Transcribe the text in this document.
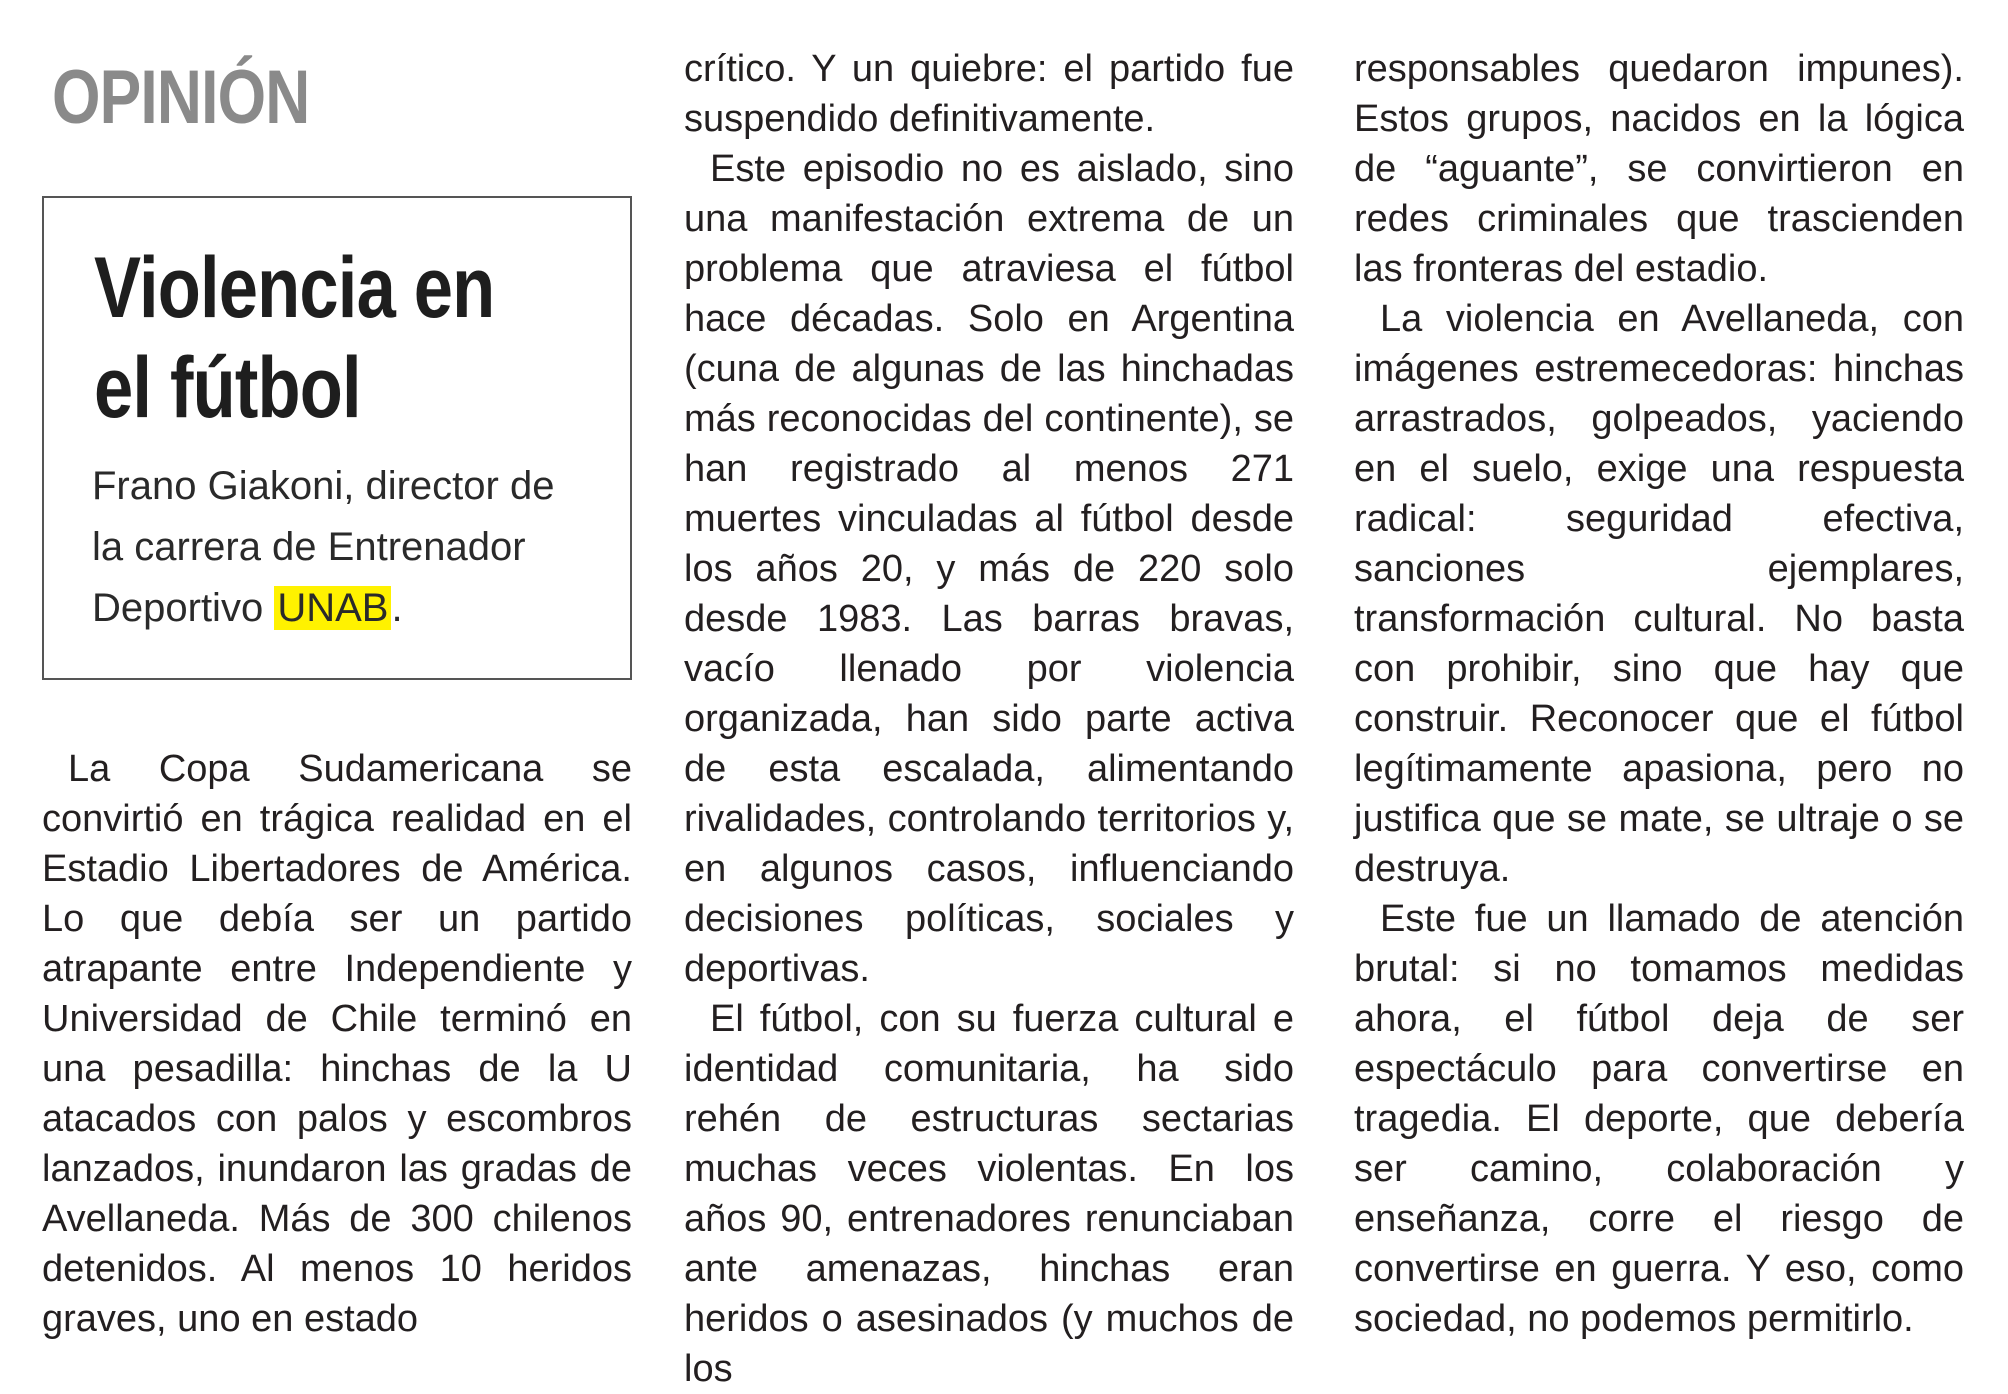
OPINIÓN
Violencia en
el fútbol

Frano Giakoni, director de la carrera de Entrenador Deportivo UNAB.

La Copa Sudamericana se convirtió en trágica realidad en el Estadio Libertadores de América. Lo que debía ser un partido atrapante entre Independiente y Universidad de Chile terminó en una pesadilla: hinchas de la U atacados con palos y escombros lanzados, inundaron las gradas de Avellaneda. Más de 300 chilenos detenidos. Al menos 10 heridos graves, uno en estado

crítico. Y un quiebre: el partido fue suspendido definitivamente.

Este episodio no es aislado, sino una manifestación extrema de un problema que atraviesa el fútbol hace décadas. Solo en Argentina (cuna de algunas de las hinchadas más reconocidas del continente), se han registrado al menos 271 muertes vinculadas al fútbol desde los años 20, y más de 220 solo desde 1983. Las barras bravas, vacío llenado por violencia organizada, han sido parte activa de esta escalada, alimentando rivalidades, controlando territorios y, en algunos casos, influenciando decisiones políticas, sociales y deportivas.

El fútbol, con su fuerza cultural e identidad comunitaria, ha sido rehén de estructuras sectarias muchas veces violentas. En los años 90, entrenadores renunciaban ante amenazas, hinchas eran heridos o asesinados (y muchos de los

responsables quedaron impunes). Estos grupos, nacidos en la lógica de “aguante”, se convirtieron en redes criminales que trascienden las fronteras del estadio.

La violencia en Avellaneda, con imágenes estremecedoras: hinchas arrastrados, golpeados, yaciendo en el suelo, exige una respuesta radical: seguridad efectiva, sanciones ejemplares, transformación cultural. No basta con prohibir, sino que hay que construir. Reconocer que el fútbol legítimamente apasiona, pero no justifica que se mate, se ultraje o se destruya.

Este fue un llamado de atención brutal: si no tomamos medidas ahora, el fútbol deja de ser espectáculo para convertirse en tragedia. El deporte, que debería ser camino, colaboración y enseñanza, corre el riesgo de convertirse en guerra. Y eso, como sociedad, no podemos permitirlo.
